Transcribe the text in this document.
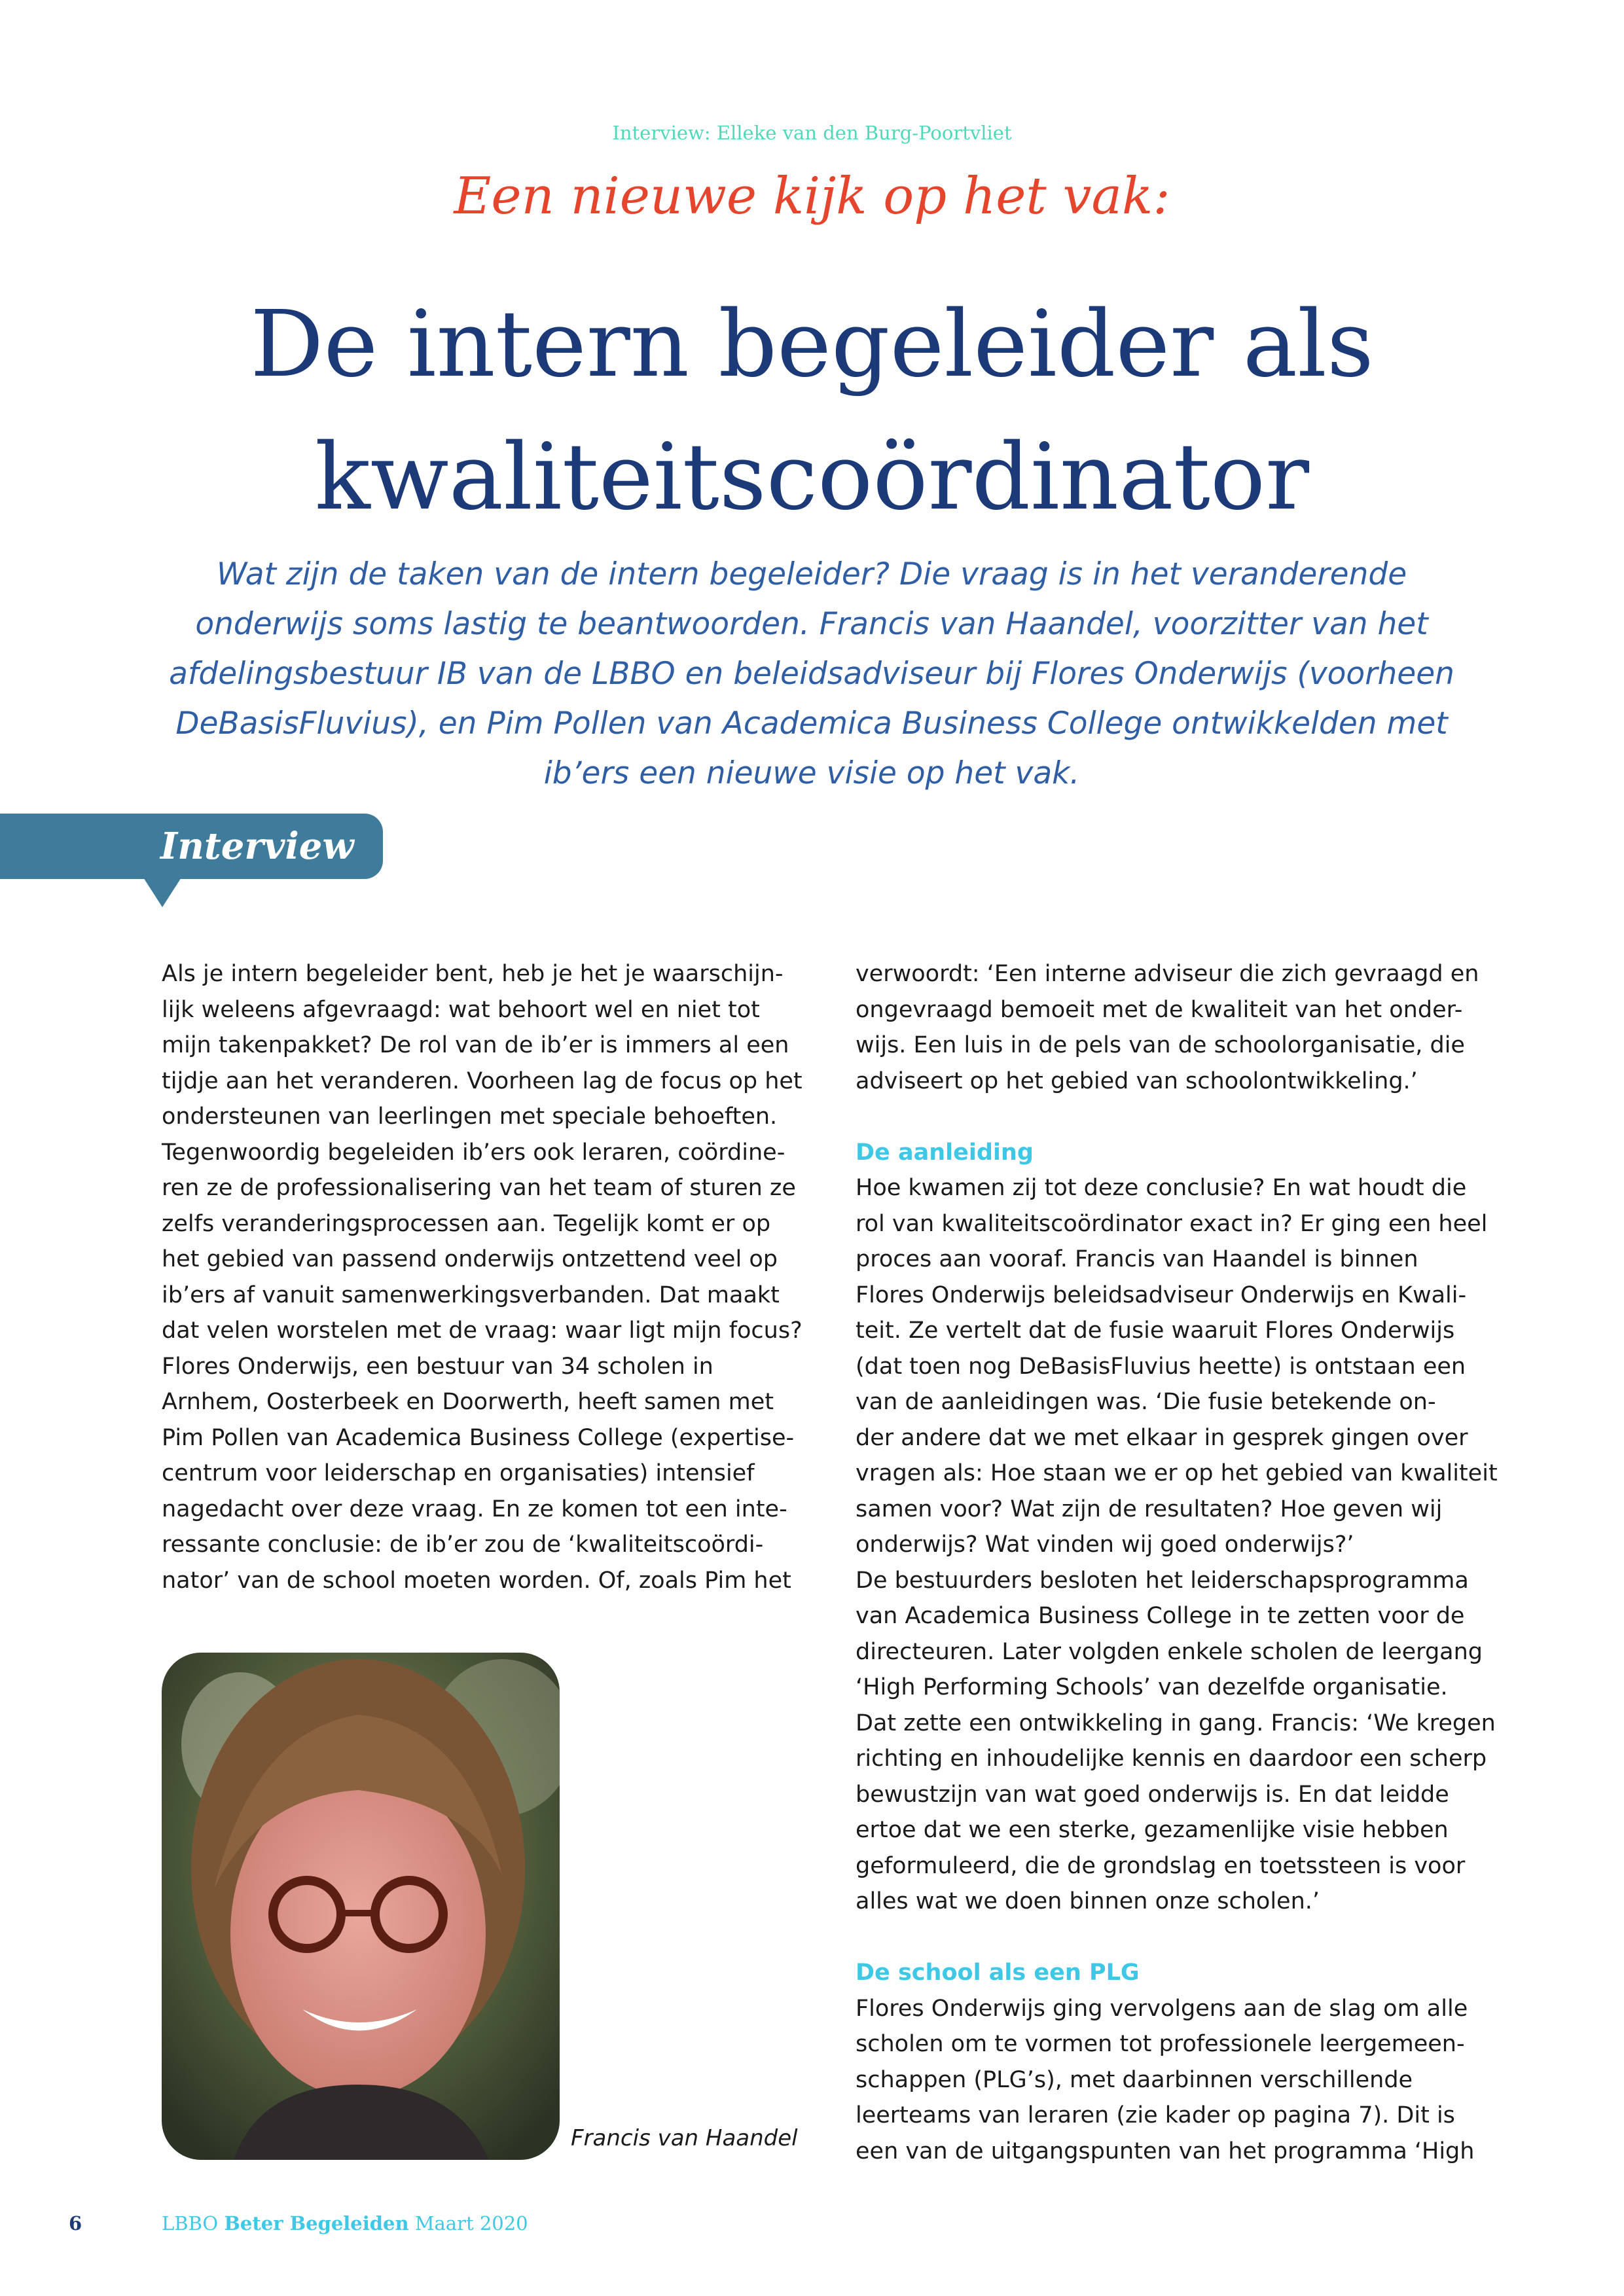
Interview: Elleke van den Burg-Poortvliet
Een nieuwe kijk op het vak:
De intern begeleider als
kwaliteitscoördinator
Wat zijn de taken van de intern begeleider? Die vraag is in het veranderende onderwijs soms lastig te beantwoorden. Francis van Haandel, voorzitter van het afdelingsbestuur IB van de LBBO en beleidsadviseur bij Flores Onderwijs (voorheen DeBasisFluvius), en Pim Pollen van Academica Business College ontwikkelden met ib’ers een nieuwe visie op het vak.
Interview

Als je intern begeleider bent, heb je het je waarschijn-

lijk weleens afgevraagd: wat behoort wel en niet tot

mijn takenpakket? De rol van de ib’er is immers al een

tijdje aan het veranderen. Voorheen lag de focus op het

ondersteunen van leerlingen met speciale behoeften.

Tegenwoordig begeleiden ib’ers ook leraren, coördine-

ren ze de professionalisering van het team of sturen ze

zelfs veranderingsprocessen aan. Tegelijk komt er op

het gebied van passend onderwijs ontzettend veel op

ib’ers af vanuit samenwerkingsverbanden. Dat maakt

dat velen worstelen met de vraag: waar ligt mijn focus?

Flores Onderwijs, een bestuur van 34 scholen in

Arnhem, Oosterbeek en Doorwerth, heeft samen met

Pim Pollen van Academica Business College (expertise-

centrum voor leiderschap en organisaties) intensief

nagedacht over deze vraag. En ze komen tot een inte-

ressante conclusie: de ib’er zou de ‘kwaliteitscoördi-

nator’ van de school moeten worden. Of, zoals Pim het

verwoordt: ‘Een interne adviseur die zich gevraagd en

ongevraagd bemoeit met de kwaliteit van het onder-

wijs. Een luis in de pels van de schoolorganisatie, die

adviseert op het gebied van schoolontwikkeling.’

De aanleiding

Hoe kwamen zij tot deze conclusie? En wat houdt die

rol van kwaliteitscoördinator exact in? Er ging een heel

proces aan vooraf. Francis van Haandel is binnen

Flores Onderwijs beleidsadviseur Onderwijs en Kwali-

teit. Ze vertelt dat de fusie waaruit Flores Onderwijs

(dat toen nog DeBasisFluvius heette) is ontstaan een

van de aanleidingen was. ‘Die fusie betekende on-

der andere dat we met elkaar in gesprek gingen over

vragen als: Hoe staan we er op het gebied van kwaliteit

samen voor? Wat zijn de resultaten? Hoe geven wij

onderwijs? Wat vinden wij goed onderwijs?’

De bestuurders besloten het leiderschapsprogramma

van Academica Business College in te zetten voor de

directeuren. Later volgden enkele scholen de leergang

‘High Performing Schools’ van dezelfde organisatie.

Dat zette een ontwikkeling in gang. Francis: ‘We kregen

richting en inhoudelijke kennis en daardoor een scherp

bewustzijn van wat goed onderwijs is. En dat leidde

ertoe dat we een sterke, gezamenlijke visie hebben

geformuleerd, die de grondslag en toetssteen is voor

alles wat we doen binnen onze scholen.’

De school als een PLG

Flores Onderwijs ging vervolgens aan de slag om alle

scholen om te vormen tot professionele leergemeen-

schappen (PLG’s), met daarbinnen verschillende

leerteams van leraren (zie kader op pagina 7). Dit is

een van de uitgangspunten van het programma ‘High

Francis van Haandel
6	LBBO Beter Begeleiden Maart 2020
